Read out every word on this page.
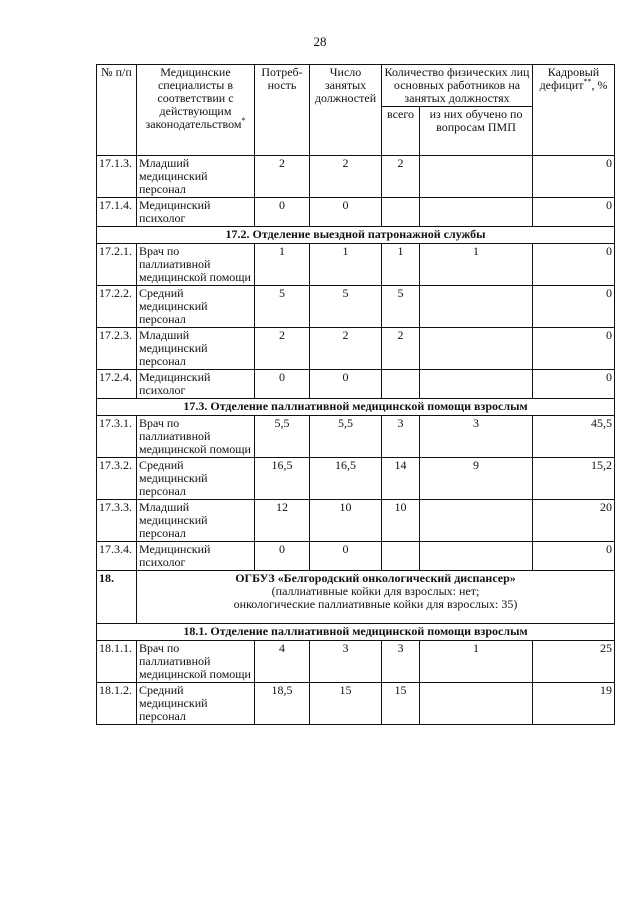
28
№ п/п	Медицинские специалисты в соответствии с действующим законодательством*	Потреб-ность	Число занятых должностей	Количество физических лиц основных работников на занятых должностях		Кадровый дефицит**, %
				всего	из них обучено по вопросам ПМП	
17.1.3.	Младший медицинский персонал	2	2	2		0
17.1.4.	Медицинский психолог	0	0			0
17.2. Отделение выездной патронажной службы						
17.2.1.	Врач по паллиативной медицинской помощи	1	1	1	1	0
17.2.2.	Средний медицинский персонал	5	5	5		0
17.2.3.	Младший медицинский персонал	2	2	2		0
17.2.4.	Медицинский психолог	0	0			0
17.3. Отделение паллиативной медицинской помощи взрослым						
17.3.1.	Врач по паллиативной медицинской помощи	5,5	5,5	3	3	45,5
17.3.2.	Средний медицинский персонал	16,5	16,5	14	9	15,2
17.3.3.	Младший медицинский персонал	12	10	10		20
17.3.4.	Медицинский психолог	0	0			0
18.	ОГБУЗ «Белгородский онкологический диспансер»
(паллиативные койки для взрослых: нет;
онкологические паллиативные койки для взрослых: 35)					

18.1. Отделение паллиативной медицинской помощи взрослым						
18.1.1.	Врач по паллиативной медицинской помощи	4	3	3	1	25
18.1.2.	Средний медицинский персонал	18,5	15	15		19
